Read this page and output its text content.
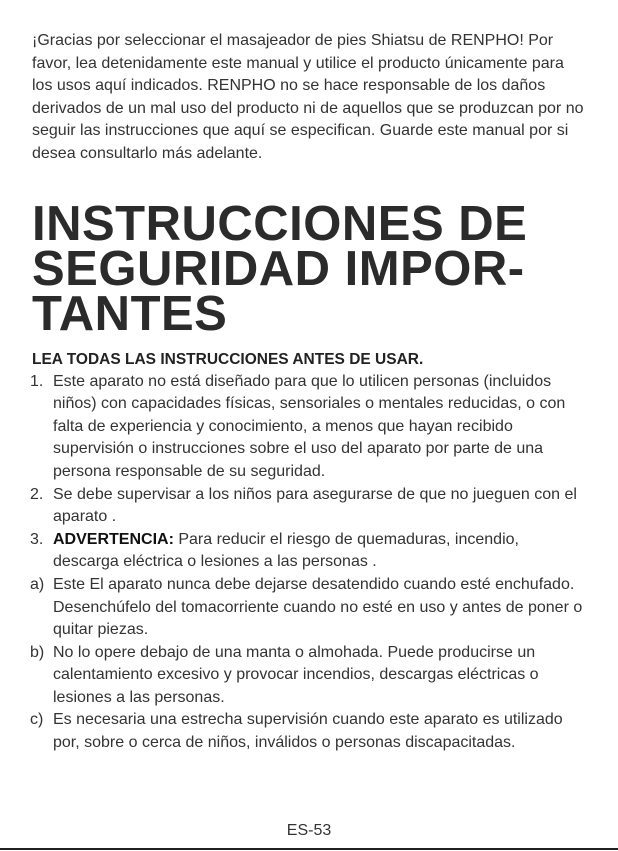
¡Gracias por seleccionar el masajeador de pies Shiatsu de RENPHO! Por favor, lea detenidamente este manual y utilice el producto únicamente para los usos aquí indicados. RENPHO no se hace responsable de los daños derivados de un mal uso del producto ni de aquellos que se produzcan por no seguir las instrucciones que aquí se especifican. Guarde este manual por si desea consultarlo más adelante.

INSTRUCCIONES DE
SEGURIDAD IMPOR-
TANTES

LEA TODAS LAS INSTRUCCIONES ANTES DE USAR.

1. Este aparato no está diseñado para que lo utilicen personas (incluidos niños) con capacidades físicas, sensoriales o mentales reducidas, o con falta de experiencia y conocimiento, a menos que hayan recibido supervisión o instrucciones sobre el uso del aparato por parte de una persona responsable de su seguridad.
2. Se debe supervisar a los niños para asegurarse de que no jueguen con el aparato .
3. ADVERTENCIA: Para reducir el riesgo de quemaduras, incendio, descarga eléctrica o lesiones a las personas .
a) Este El aparato nunca debe dejarse desatendido cuando esté enchufado. Desenchúfelo del tomacorriente cuando no esté en uso y antes de poner o quitar piezas.
b) No lo opere debajo de una manta o almohada. Puede producirse un calentamiento excesivo y provocar incendios, descargas eléctricas o lesiones a las personas.
c) Es necesaria una estrecha supervisión cuando este aparato es utilizado por, sobre o cerca de niños, inválidos o personas discapacitadas.
ES-53
